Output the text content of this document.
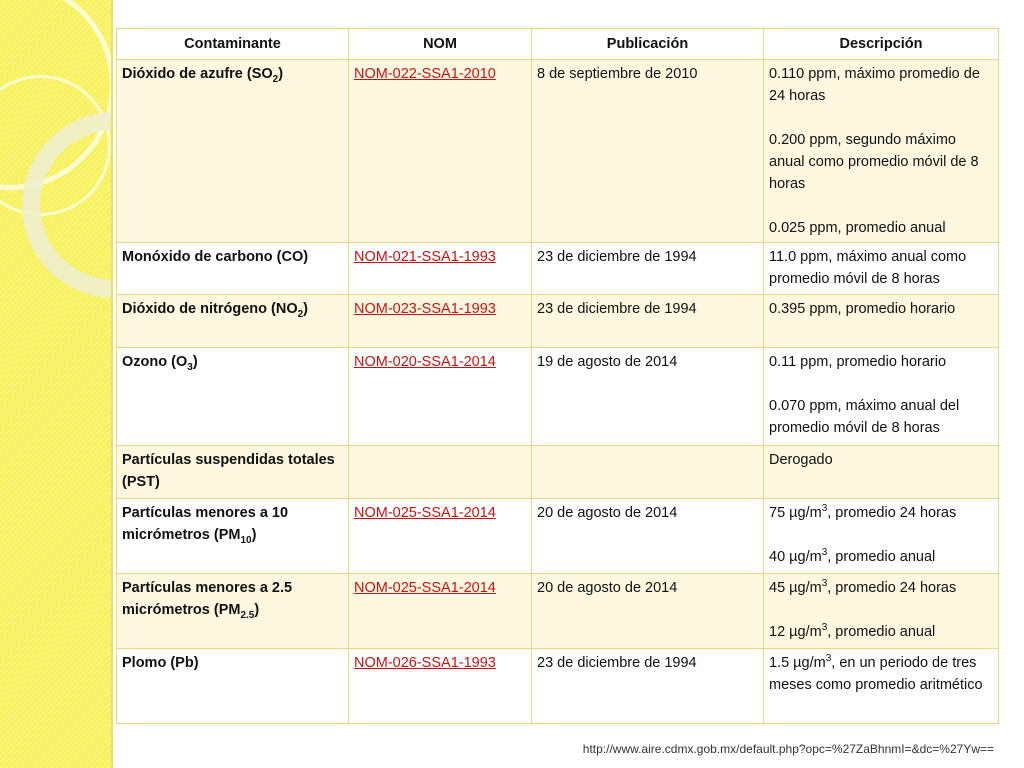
Contaminante	NOM	Publicación	Descripción
Dióxido de azufre $(SO_2)$	NOM-022-SSA1-2010	8 de septiembre de 2010	0.110 ppm, máximo promedio de 24 horas

0.200 ppm, segundo máximo anual como promedio móvil de 8 horas

0.025 ppm, promedio anual

Monóxido de carbono (CO)	NOM-021-SSA1-1993	23 de diciembre de 1994	11.0 ppm, máximo anual como promedio móvil de 8 horas

Dióxido de nitrógeno $(NO_2)$	NOM-023-SSA1-1993	23 de diciembre de 1994	0.395 ppm, promedio horario

Ozono $(O_3)$	NOM-020-SSA1-2014	19 de agosto de 2014	0.11 ppm, promedio horario

0.070 ppm, máximo anual del promedio móvil de 8 horas

Partículas suspendidas totales (PST)			Derogado

Partículas menores a 10 micrómetros $(PM_{10})$	NOM-025-SSA1-2014	20 de agosto de 2014	75 $\mu g/m^3$, promedio 24 horas

40 $\mu g/m^3$, promedio anual

Partículas menores a 2.5 micrómetros $(PM_{2.5})$	NOM-025-SSA1-2014	20 de agosto de 2014	45 $\mu g/m^3$, promedio 24 horas

12 $\mu g/m^3$, promedio anual

Plomo (Pb)	NOM-026-SSA1-1993	23 de diciembre de 1994	1.5 $\mu g/m^3$, en un periodo de tres meses como promedio aritmético

http://www.aire.cdmx.gob.mx/default.php?opc=%27ZaBhnmI=&dc=%27Yw==
